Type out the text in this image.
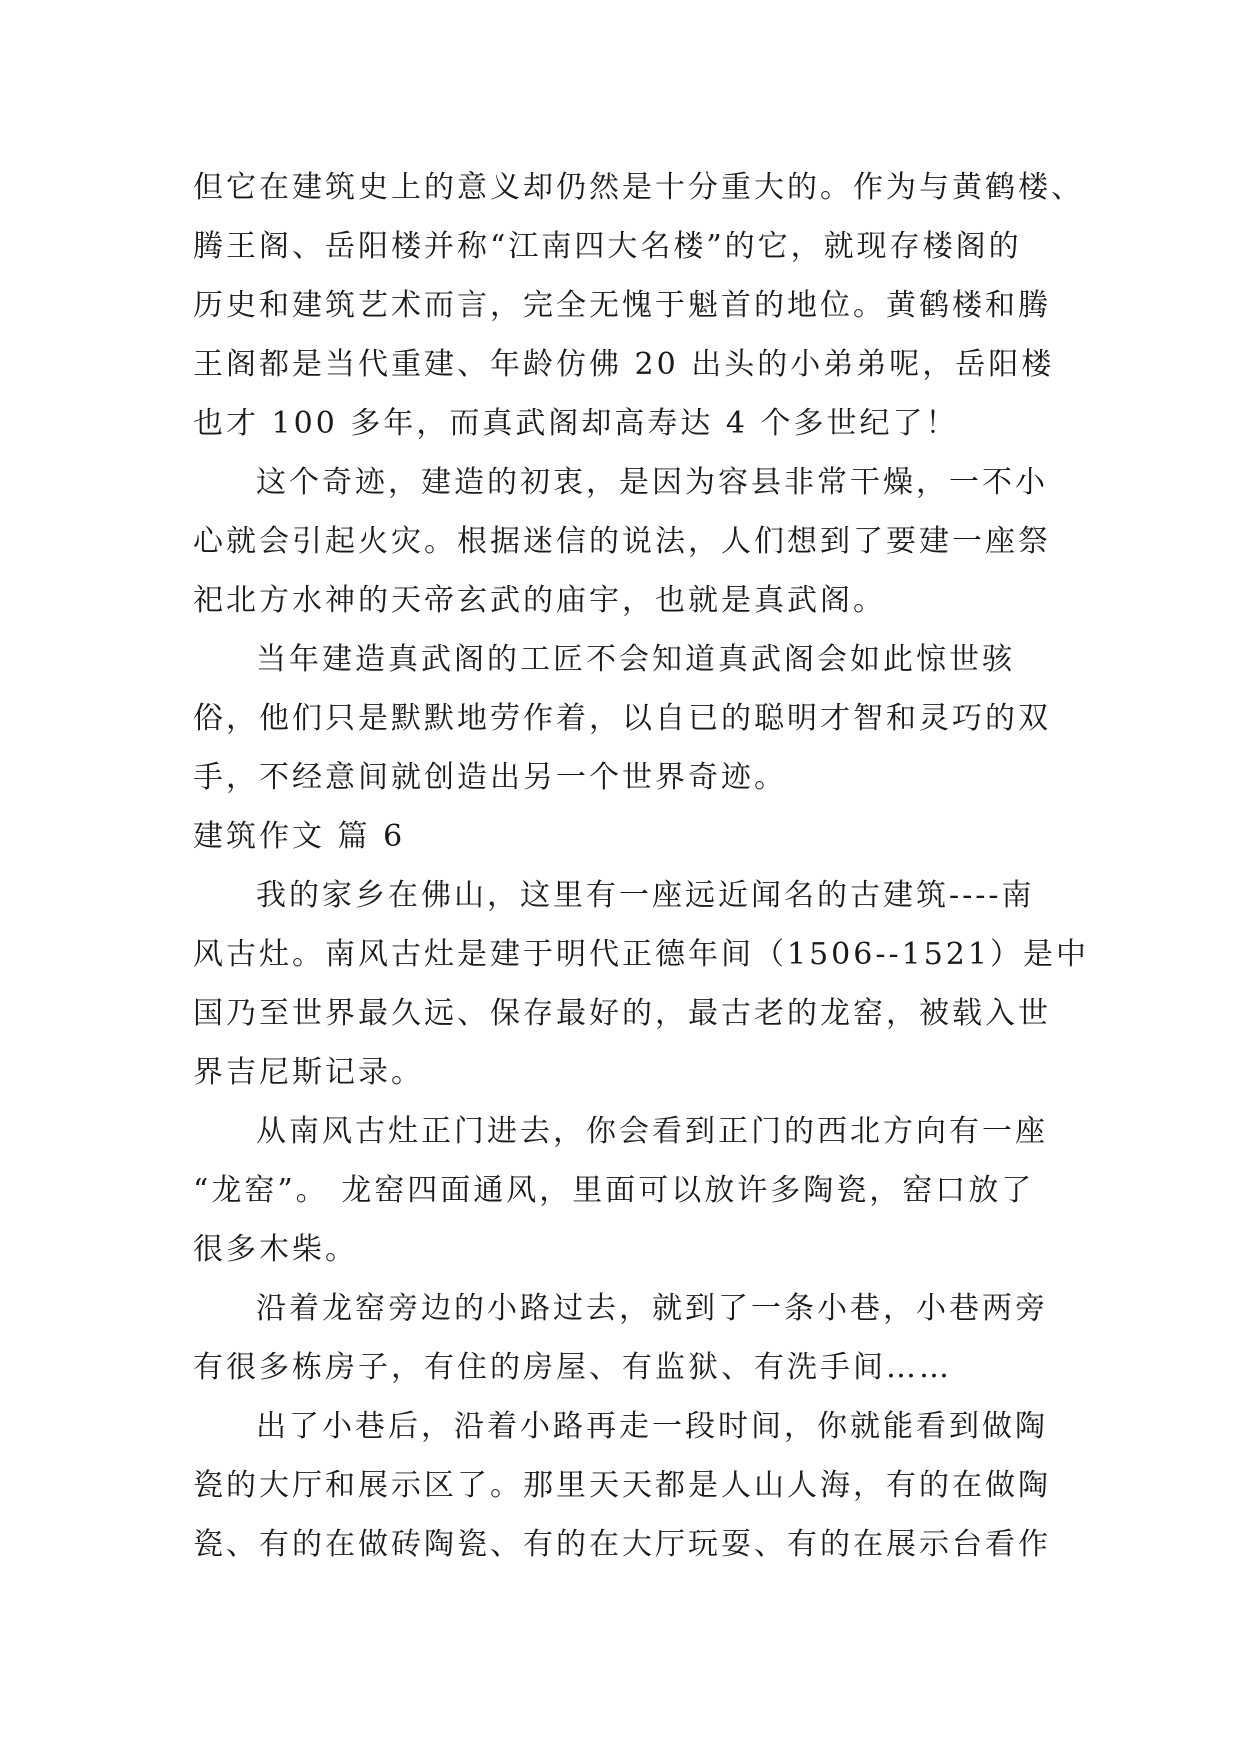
但它在建筑史上的意义却仍然是十分重大的。作为与黄鹤楼、
腾王阁、岳阳楼并称“江南四大名楼”的它，就现存楼阁的
历史和建筑艺术而言，完全无愧于魁首的地位。黄鹤楼和腾
王阁都是当代重建、年龄仿佛 20 出头的小弟弟呢，岳阳楼
也才 100 多年，而真武阁却高寿达 4 个多世纪了！
这个奇迹，建造的初衷，是因为容县非常干燥，一不小
心就会引起火灾。根据迷信的说法，人们想到了要建一座祭
祀北方水神的天帝玄武的庙宇，也就是真武阁。
当年建造真武阁的工匠不会知道真武阁会如此惊世骇
俗，他们只是默默地劳作着，以自已的聪明才智和灵巧的双
手，不经意间就创造出另一个世界奇迹。
建筑作文 篇 6
我的家乡在佛山，这里有一座远近闻名的古建筑----南
风古灶。南风古灶是建于明代正德年间（1506--1521）是中
国乃至世界最久远、保存最好的，最古老的龙窑，被载入世
界吉尼斯记录。
从南风古灶正门进去，你会看到正门的西北方向有一座
“龙窑”。 龙窑四面通风，里面可以放许多陶瓷，窑口放了
很多木柴。
沿着龙窑旁边的小路过去，就到了一条小巷，小巷两旁
有很多栋房子，有住的房屋、有监狱、有洗手间……
出了小巷后，沿着小路再走一段时间，你就能看到做陶
瓷的大厅和展示区了。那里天天都是人山人海，有的在做陶
瓷、有的在做砖陶瓷、有的在大厅玩耍、有的在展示台看作
